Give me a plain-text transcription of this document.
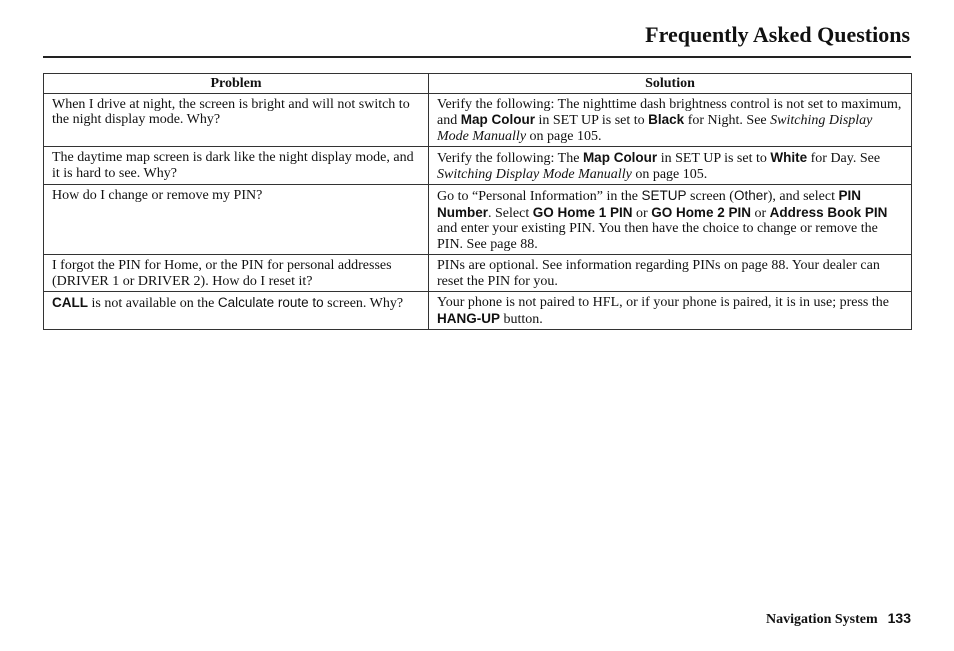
Frequently Asked Questions
Problem	Solution
When I drive at night, the screen is bright and will not switch to the night display mode. Why?	Verify the following: The nighttime dash brightness control is not set to maximum, and Map Colour in SET UP is set to Black for Night. See Switching Display Mode Manually on page 105.
The daytime map screen is dark like the night display mode, and it is hard to see. Why?	Verify the following: The Map Colour in SET UP is set to White for Day. See Switching Display Mode Manually on page 105.
How do I change or remove my PIN?	Go to “Personal Information” in the SETUP screen (Other), and select PIN Number. Select GO Home 1 PIN or GO Home 2 PIN or Address Book PIN and enter your existing PIN. You then have the choice to change or remove the PIN. See page 88.
I forgot the PIN for Home, or the PIN for personal addresses (DRIVER 1 or DRIVER 2). How do I reset it?	PINs are optional. See information regarding PINs on page 88. Your dealer can reset the PIN for you.
CALL is not available on the Calculate route to screen. Why?	Your phone is not paired to HFL, or if your phone is paired, it is in use; press the HANG-UP button.
Navigation System 133
